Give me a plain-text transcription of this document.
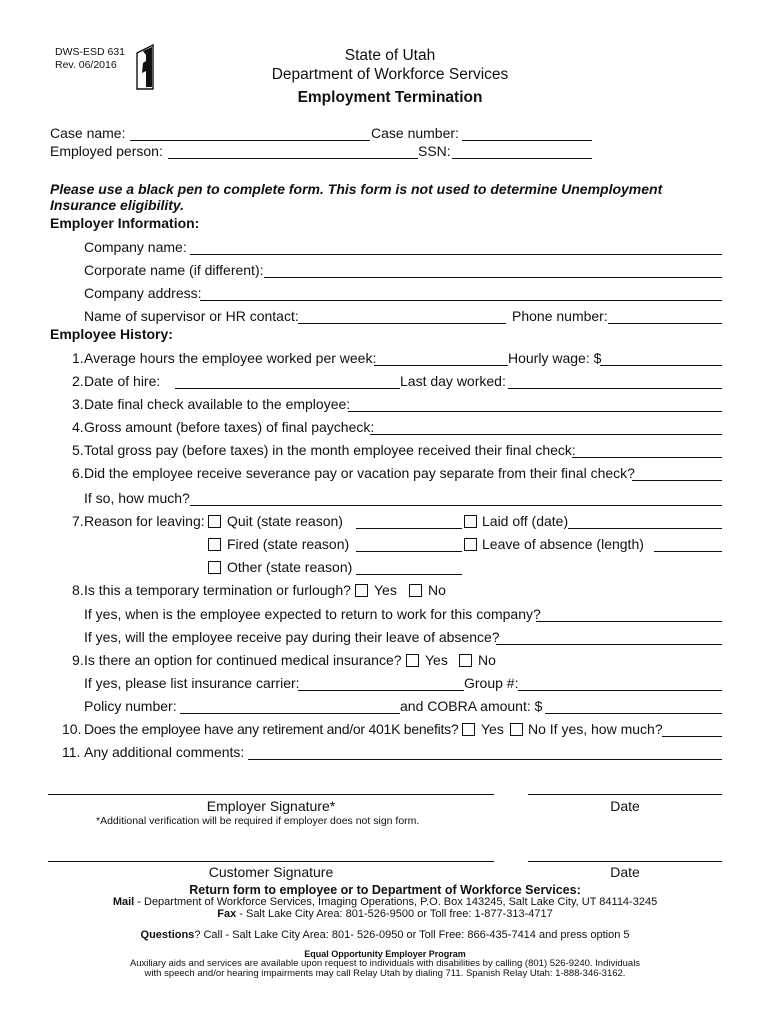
DWS-ESD 631
Rev. 06/2016
State of Utah
Department of Workforce Services
Employment Termination
Case name:	Case number:
Employed person:	SSN:
Please use a black pen to complete form. This form is not used to determine Unemployment
Insurance eligibility.
Employer Information:
Company name:
Corporate name (if different):
Company address:
Name of supervisor or HR contact:	Phone number:
Employee History:
1. Average hours the employee worked per week:	Hourly wage: $
2. Date of hire:	Last day worked:
3. Date final check available to the employee:
4. Gross amount (before taxes) of final paycheck:
5. Total gross pay (before taxes) in the month employee received their final check:
6. Did the employee receive severance pay or vacation pay separate from their final check?
If so, how much?
7. Reason for leaving: Quit (state reason)	Laid off (date)
Fired (state reason)	Leave of absence (length)
Other (state reason)
8. Is this a temporary termination or furlough? Yes No
If yes, when is the employee expected to return to work for this company?
If yes, will the employee receive pay during their leave of absence?
9. Is there an option for continued medical insurance? Yes No
If yes, please list insurance carrier:	Group #:
Policy number:	and COBRA amount: $
10. Does the employee have any retirement and/or 401K benefits? Yes No If yes, how much?
11. Any additional comments:
Employer Signature*	Date
*Additional verification will be required if employer does not sign form.
Customer Signature	Date
Return form to employee or to Department of Workforce Services:
Mail - Department of Workforce Services, Imaging Operations, P.O. Box 143245, Salt Lake City, UT 84114-3245
Fax - Salt Lake City Area: 801-526-9500 or Toll free: 1-877-313-4717
Questions? Call - Salt Lake City Area: 801- 526-0950 or Toll Free: 866-435-7414 and press option 5
Equal Opportunity Employer Program
Auxiliary aids and services are available upon request to individuals with disabilities by calling (801) 526-9240. Individuals
with speech and/or hearing impairments may call Relay Utah by dialing 711. Spanish Relay Utah: 1-888-346-3162.
